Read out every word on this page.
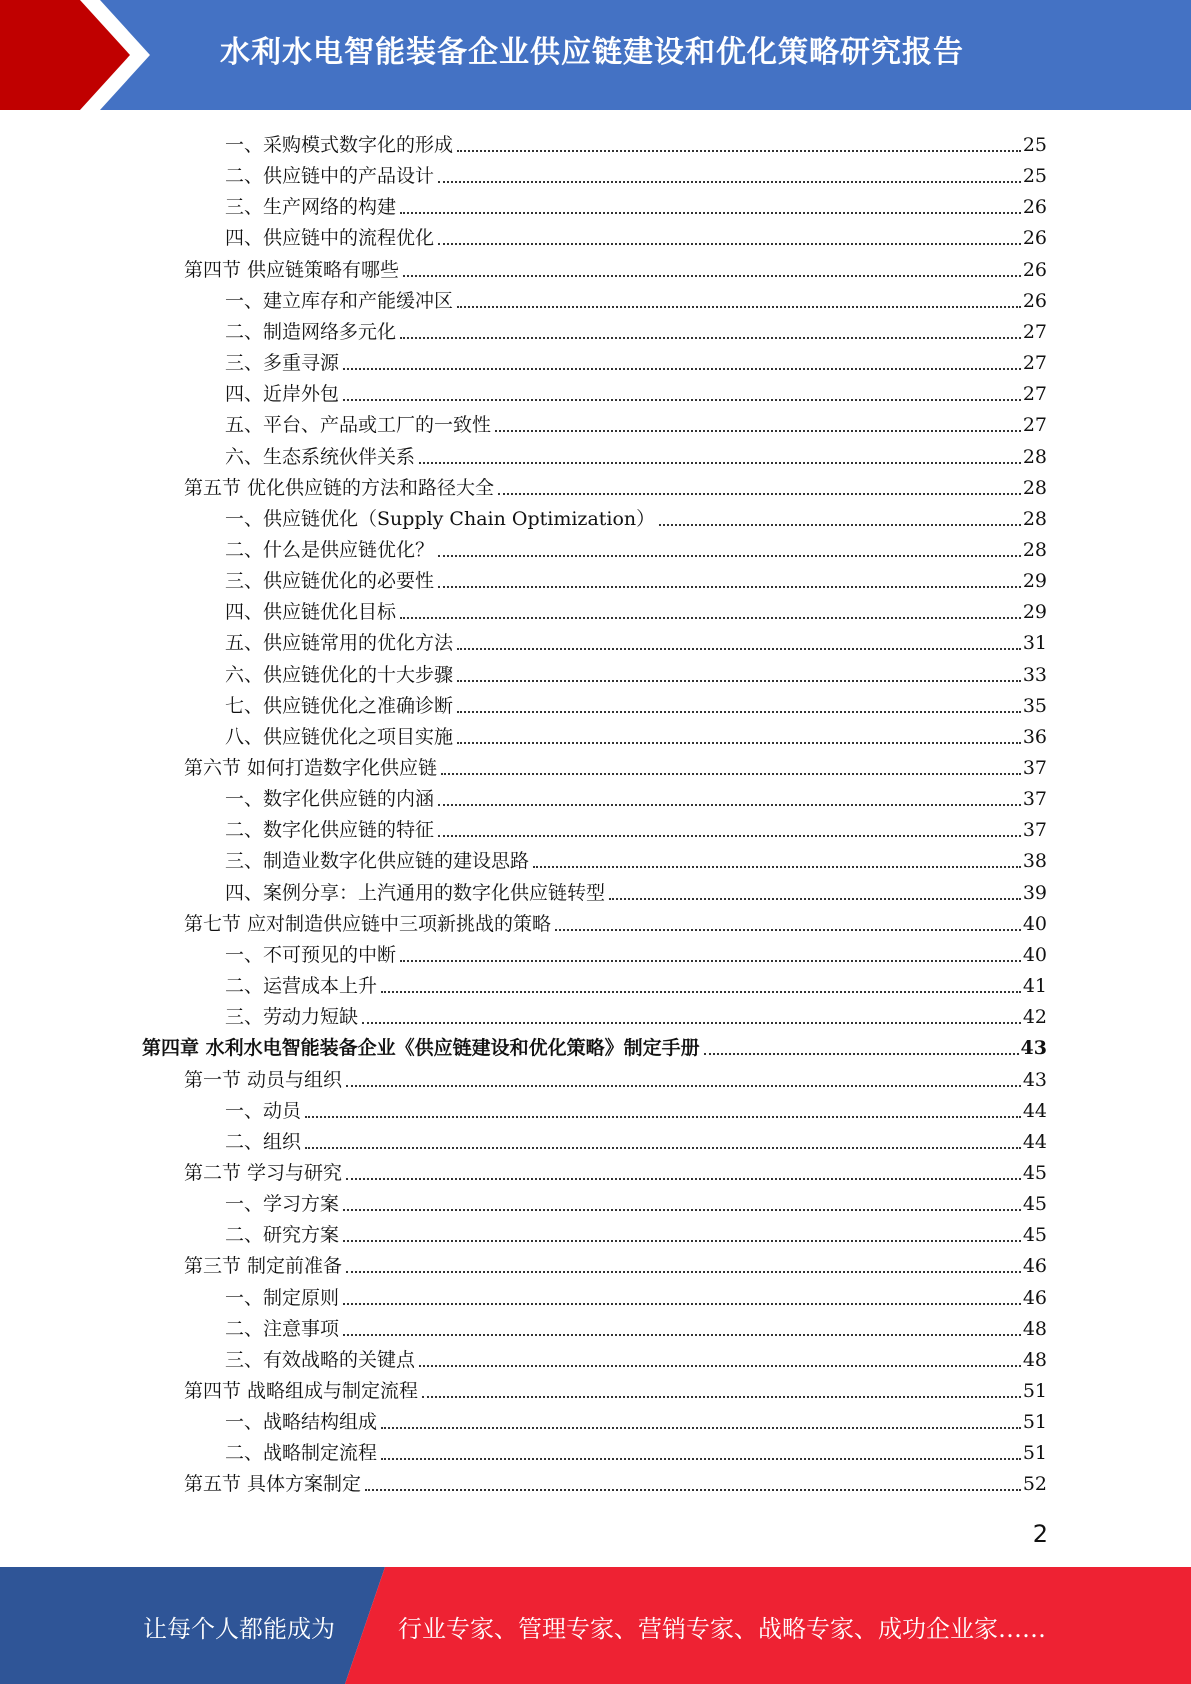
水利水电智能装备企业供应链建设和优化策略研究报告
一、采购模式数字化的形成	25
二、供应链中的产品设计	25
三、生产网络的构建	26
四、供应链中的流程优化	26
第四节 供应链策略有哪些	26
一、建立库存和产能缓冲区	26
二、制造网络多元化	27
三、多重寻源	27
四、近岸外包	27
五、平台、产品或工厂的一致性	27
六、生态系统伙伴关系	28
第五节 优化供应链的方法和路径大全	28
一、供应链优化（Supply Chain Optimization）	28
二、什么是供应链优化？	28
三、供应链优化的必要性	29
四、供应链优化目标	29
五、供应链常用的优化方法	31
六、供应链优化的十大步骤	33
七、供应链优化之准确诊断	35
八、供应链优化之项目实施	36
第六节 如何打造数字化供应链	37
一、数字化供应链的内涵	37
二、数字化供应链的特征	37
三、制造业数字化供应链的建设思路	38
四、案例分享：上汽通用的数字化供应链转型	39
第七节 应对制造供应链中三项新挑战的策略	40
一、不可预见的中断	40
二、运营成本上升	41
三、劳动力短缺	42
第四章 水利水电智能装备企业《供应链建设和优化策略》制定手册	43
第一节 动员与组织	43
一、动员	44
二、组织	44
第二节 学习与研究	45
一、学习方案	45
二、研究方案	45
第三节 制定前准备	46
一、制定原则	46
二、注意事项	48
三、有效战略的关键点	48
第四节 战略组成与制定流程	51
一、战略结构组成	51
二、战略制定流程	51
第五节 具体方案制定	52
2
让每个人都能成为	行业专家、管理专家、营销专家、战略专家、成功企业家……
